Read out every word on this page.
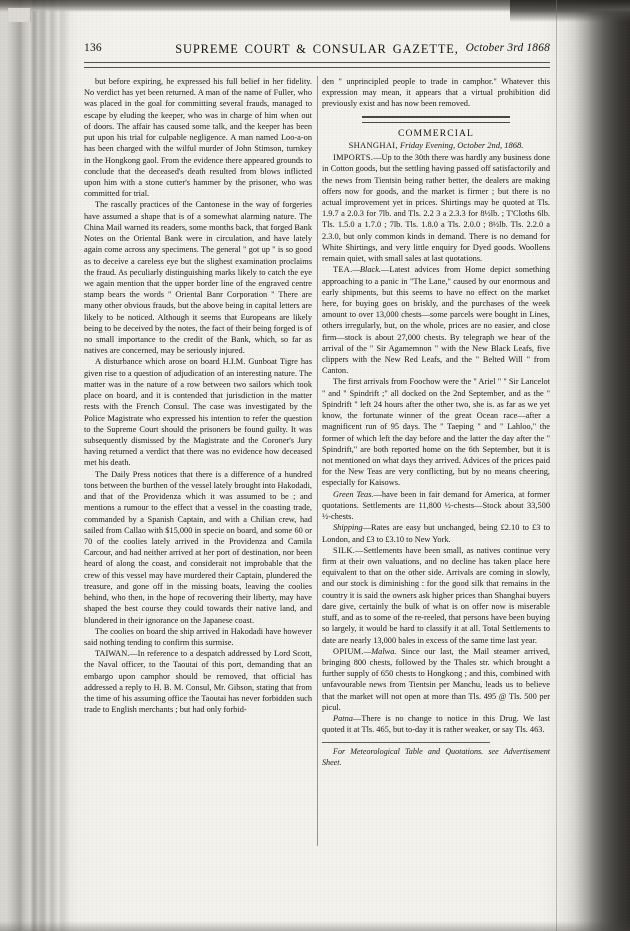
136	SUPREME COURT & CONSULAR GAZETTE, October 3rd 1868

but before expiring, he expressed his full belief in her fidelity. No verdict has yet been returned. A man of the name of Fuller, who was placed in the goal for committing several frauds, managed to escape by eluding the keeper, who was in charge of him when out of doors. The affair has caused some talk, and the keeper has been put upon his trial for culpable negligence. A man named Loo-a-on has been charged with the wilful murder of John Stimson, turnkey in the Hongkong gaol. From the evidence there appeared grounds to conclude that the deceased's death resulted from blows inflicted upon him with a stone cutter's hammer by the prisoner, who was committed for trial.

The rascally practices of the Cantonese in the way of forgeries have assumed a shape that is of a somewhat alarming nature. The China Mail warned its readers, some months back, that forged Bank Notes on the Oriental Bank were in circulation, and have lately again come across any specimens. The general " got up " is so good as to deceive a careless eye but the slighest examination proclaims the fraud. As peculiarly distinguishing marks likely to catch the eye we again mention that the upper border line of the engraved centre stamp bears the words " Oriental Banr Corporation " There are many other obvious frauds, but the above being in capital letters are likely to be noticed. Although it seems that Europeans are likely being to be deceived by the notes, the fact of their being forged is of no small importance to the credit of the Bank, which, so far as natives are concerned, may be seriously injured.

A disturbance which arose on board H.I.M. Gunboat Tigre has given rise to a question of adjudication of an interesting nature. The matter was in the nature of a row between two sailors which took place on board, and it is contended that jurisdiction in the matter rests with the French Consul. The case was investigated by the Police Magistrate who expressed his intention to refer the question to the Supreme Court should the prisoners be found guilty. It was subsequently dismissed by the Magistrate and the Coroner's Jury having returned a verdict that there was no evidence how deceased met his death.

The Daily Press notices that there is a difference of a hundred tons between the burthen of the vessel lately brought into Hakodadi, and that of the Providenza which it was assumed to be ; and mentions a rumour to the effect that a vessel in the coasting trade, commanded by a Spanish Captain, and with a Chilian crew, had sailed from Callao with $15,000 in specie on board, and some 60 or 70 of the coolies lately arrived in the Providenza and Camila Carcour, and had neither arrived at her port of destination, nor been heard of along the coast, and considerait not improbable that the crew of this vessel may have murdered their Captain, plundered the treasure, and gone off in the missing boats, leaving the coolies behind, who then, in the hope of recovering their liberty, may have shaped the best course they could towards their native land, and blundered in their ignorance on the Japanese coast.

The coolies on board the ship arrived in Hakodadi have however said nothing tending to confirm this surmise.

TAIWAN.—In reference to a despatch addressed by Lord Scott, the Naval officer, to the Taoutai of this port, demanding that an embargo upon camphor should be removed, that official has addressed a reply to H. B. M. Consul, Mr. Gibson, stating that from the time of his assuming office the Taoutai has never forbidden such trade to English merchants ; but had only forbid-

den " unprincipled people to trade in camphor." Whatever this expression may mean, it appears that a virtual prohibition did previously exist and has now been removed.

COMMERCIAL

SHANGHAI, Friday Evening, October 2nd, 1868.

IMPORTS.—Up to the 30th there was hardly any business done in Cotton goods, but the settling having passed off satisfactorily and the news from Tientsin being rather better, the dealers are making offers now for goods, and the market is firmer ; but there is no actual improvement yet in prices. Shirtings may be quoted at Tls. 1.9.7 a 2.0.3 for 7lb. and Tls. 2.2 3 a 2.3.3 for 8½lb. ; T'Cloths 6lb. Tls. 1.5.0 a 1.7.0 ; 7lb. Tls. 1.8.0 a Tls. 2.0.0 ; 8½lb. Tls. 2.2.0 a 2.3.0, but only common kinds in demand. There is no demand for White Shirtings, and very little enquiry for Dyed goods. Woollens remain quiet, with small sales at last quotations.

TEA.—Black.—Latest advices from Home depict something approaching to a panic in "The Lane," caused by our enormous and early shipments, but this seems to have no effect on the market here, for buying goes on briskly, and the purchases of the week amount to over 13,000 chests—some parcels were bought in Lines, others irregularly, but, on the whole, prices are no easier, and close firm—stock is about 27,000 chests. By telegraph we hear of the arrival of the " Sir Agamemnon " with the New Black Leafs, five clippers with the New Red Leafs, and the " Belted Will " from Canton.

The first arrivals from Foochow were the " Ariel " " Sir Lancelot " and " Spindrift ;" all docked on the 2nd September, and as the " Spindrift " left 24 hours after the other two, she is. as far as we yet know, the fortunate winner of the great Ocean race—after a magnificent run of 95 days. The " Taeping " and " Lahloo," the former of which left the day before and the latter the day after the " Spindrift," are both reported home on the 6th September, but it is not mentioned on what days they arrived. Advices of the prices paid for the New Teas are very conflicting, but by no means cheering, especially for Kaisows.

Green Teas.—have been in fair demand for America, at former quotations. Settlements are 11,800 ½-chests—Stock about 33,500 ½-chests.

Shipping—Rates are easy but unchanged, being £2.10 to £3 to London, and £3 to £3.10 to New York.

SILK.—Settlements have been small, as natives continue very firm at their own valuations, and no decline has taken place here equivalent to that on the other side. Arrivals are coming in slowly, and our stock is diminishing : for the good silk that remains in the country it is said the owners ask higher prices than Shanghai buyers dare give, certainly the bulk of what is on offer now is miserable stuff, and as to some of the re-reeled, that persons have been buying so largely, it would be hard to classify it at all. Total Settlements to date are nearly 13,000 bales in excess of the same time last year.

OPIUM.—Malwa. Since our last, the Mail steamer arrived, bringing 800 chests, followed by the Thales str. which brought a further supply of 650 chests to Hongkong ; and this, combined with unfavourable news from Tientsin per Manchu, leads us to believe that the market will not open at more than Tls. 495 @ Tls. 500 per picul.

Patna—There is no change to notice in this Drug. We last quoted it at Tls. 465, but to-day it is rather weaker, or say Tls. 463.

For Meteorological Table and Quotations. see Advertisement Sheet.
